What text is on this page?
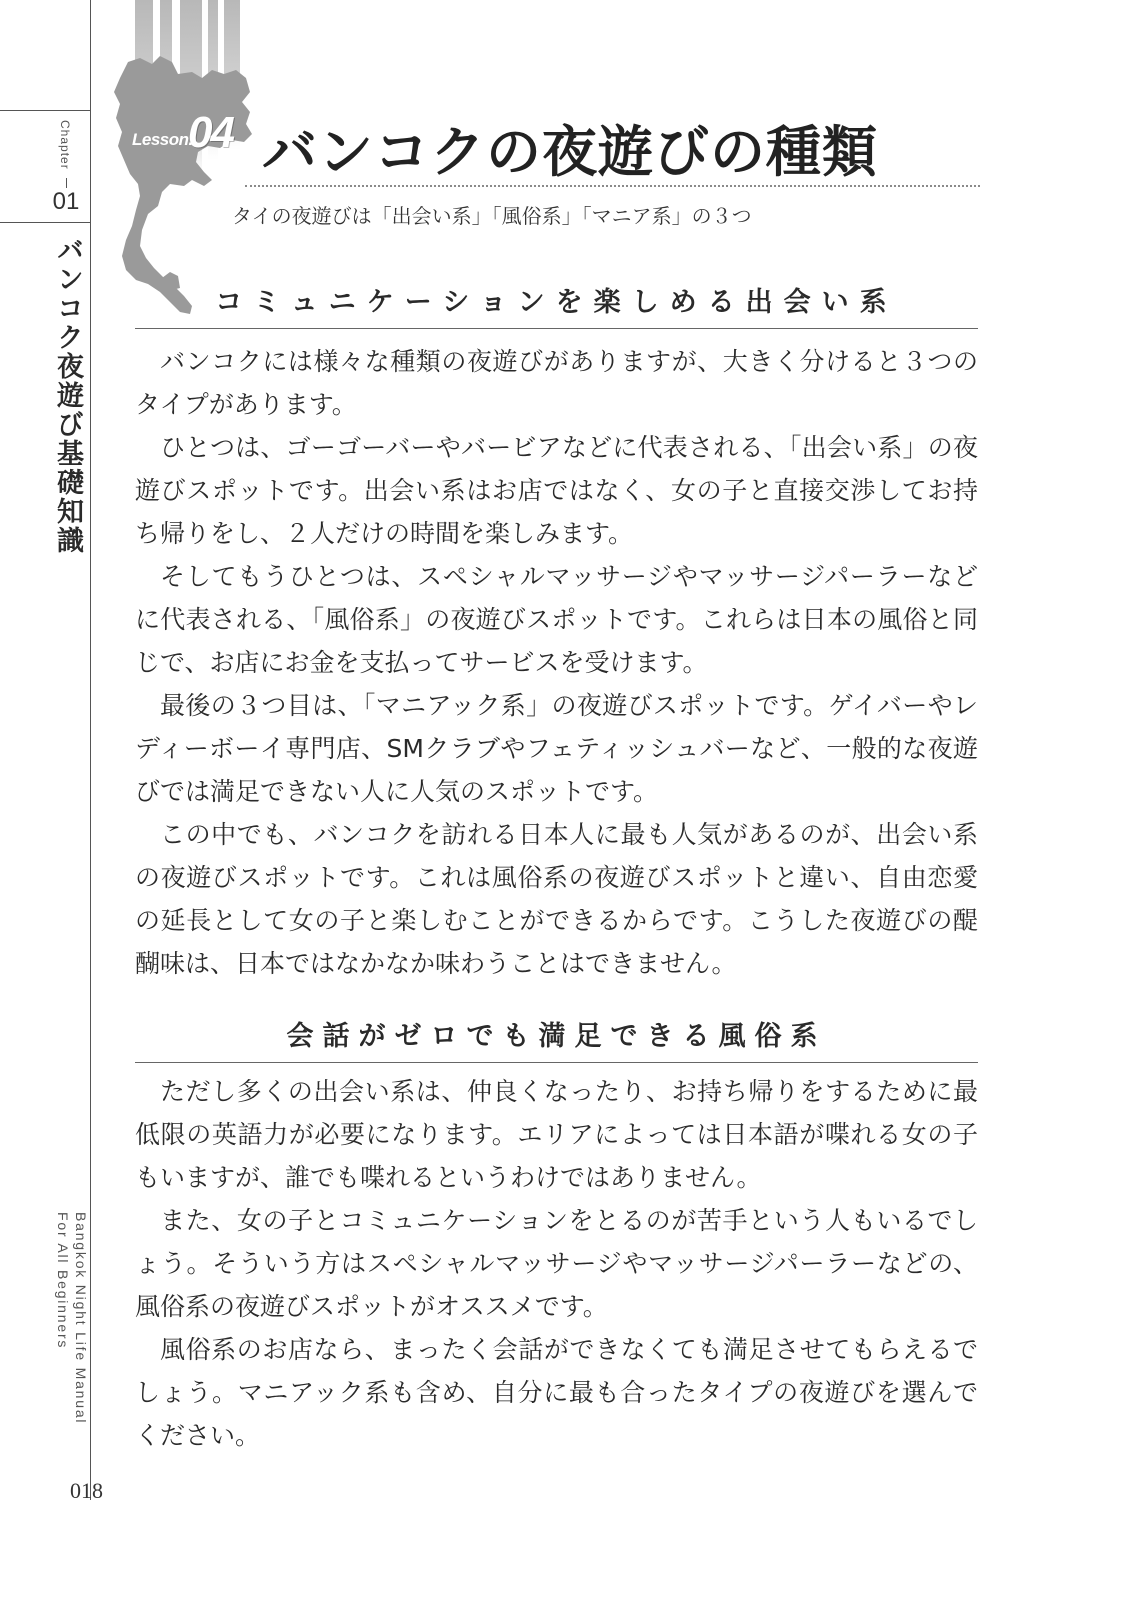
Chapter
01
バンコク夜遊び基礎知識
Bangkok Night Life Manual
For All Beginners
018
Lesson.
04 バンコクの夜遊びの種類
タイの夜遊びは「出会い系」「風俗系」「マニア系」の３つ
コミュニケーションを楽しめる出会い系

バンコクには様々な種類の夜遊びがありますが、大きく分けると３つのタイプがあります。

ひとつは、ゴーゴーバーやバービアなどに代表される、「出会い系」の夜遊びスポットです。出会い系はお店ではなく、女の子と直接交渉してお持ち帰りをし、２人だけの時間を楽しみます。

そしてもうひとつは、スペシャルマッサージやマッサージパーラーなどに代表される、「風俗系」の夜遊びスポットです。これらは日本の風俗と同じで、お店にお金を支払ってサービスを受けます。

最後の３つ目は、「マニアック系」の夜遊びスポットです。ゲイバーやレディーボーイ専門店、SMクラブやフェティッシュバーなど、一般的な夜遊びでは満足できない人に人気のスポットです。

この中でも、バンコクを訪れる日本人に最も人気があるのが、出会い系の夜遊びスポットです。これは風俗系の夜遊びスポットと違い、自由恋愛の延長として女の子と楽しむことができるからです。こうした夜遊びの醍醐味は、日本ではなかなか味わうことはできません。

会話がゼロでも満足できる風俗系

ただし多くの出会い系は、仲良くなったり、お持ち帰りをするために最低限の英語力が必要になります。エリアによっては日本語が喋れる女の子もいますが、誰でも喋れるというわけではありません。

また、女の子とコミュニケーションをとるのが苦手という人もいるでしょう。そういう方はスペシャルマッサージやマッサージパーラーなどの、風俗系の夜遊びスポットがオススメです。

風俗系のお店なら、まったく会話ができなくても満足させてもらえるでしょう。マニアック系も含め、自分に最も合ったタイプの夜遊びを選んでください。
